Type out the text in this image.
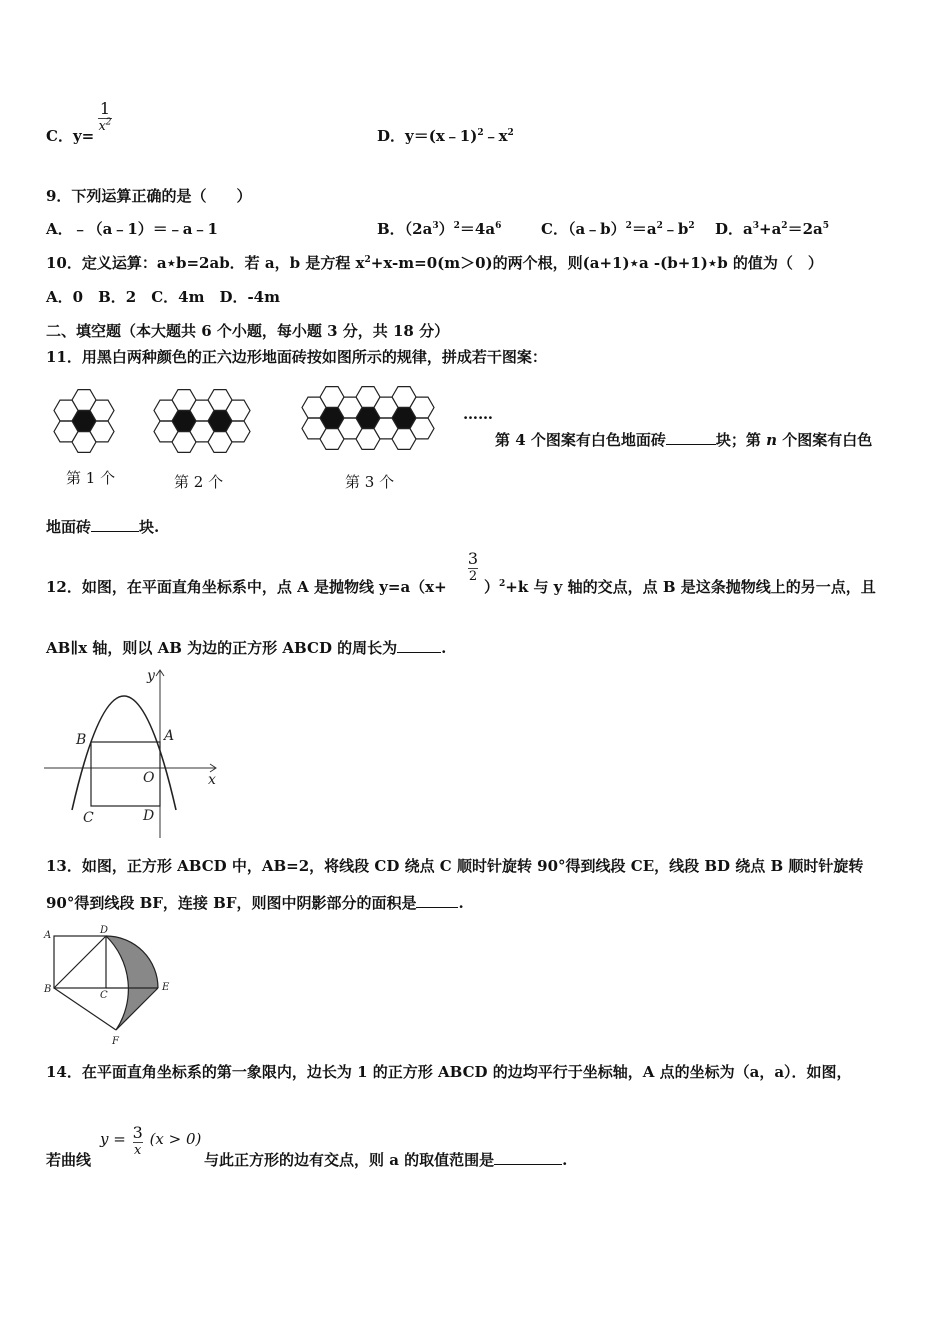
C．y=
$\frac{1}{x^2}$
D．$y=(x﹣1)^2﹣x^2$
9．下列运算正确的是（　　）
A．﹣（a﹣1）＝﹣a﹣1	B．$(2a^3)^2=4a^6$	C．$(a﹣b)^2=a^2﹣b^2$ D．$a^3+a^2=2a^5$
10．定义运算：a⋆b=2ab．若 a，b 是方程 $x^2+x-m=0(m>0)$的两个根，则(a+1)⋆a -(b+1)⋆b 的值为（　）
A．0　B．2　C．4m　D．-4m
二、填空题（本大题共 6 个小题，每小题 3 分，共 18 分）
11．用黑白两种颜色的正六边形地面砖按如图所示的规律，拼成若干图案：
第 1 个	第 2 个	第 3 个
……
第 4 个图案有白色地面砖	块；第 n 个图案有白色
地面砖	块.
12．如图，在平面直角坐标系中，点 A 是抛物线 y=a（x+
$\frac{3}{2}$
）$^2$+k 与 y 轴的交点，点 B 是这条抛物线上的另一点，且
AB∥x 轴，则以 AB 为边的正方形 ABCD 的周长为	.
y
x
A
B
O
C	D
13．如图，正方形 ABCD 中，AB=2，将线段 CD 绕点 C 顺时针旋转 90°得到线段 CE，线段 BD 绕点 B 顺时针旋转
90°得到线段 BF，连接 BF，则图中阴影部分的面积是	.
A	D
B
C
E
F
14．在平面直角坐标系的第一象限内，边长为 1 的正方形 ABCD 的边均平行于坐标轴，A 点的坐标为（a，a）．如图，
若曲线
$y = \frac{3}{x} (x > 0)$
与此正方形的边有交点，则 a 的取值范围是	.
